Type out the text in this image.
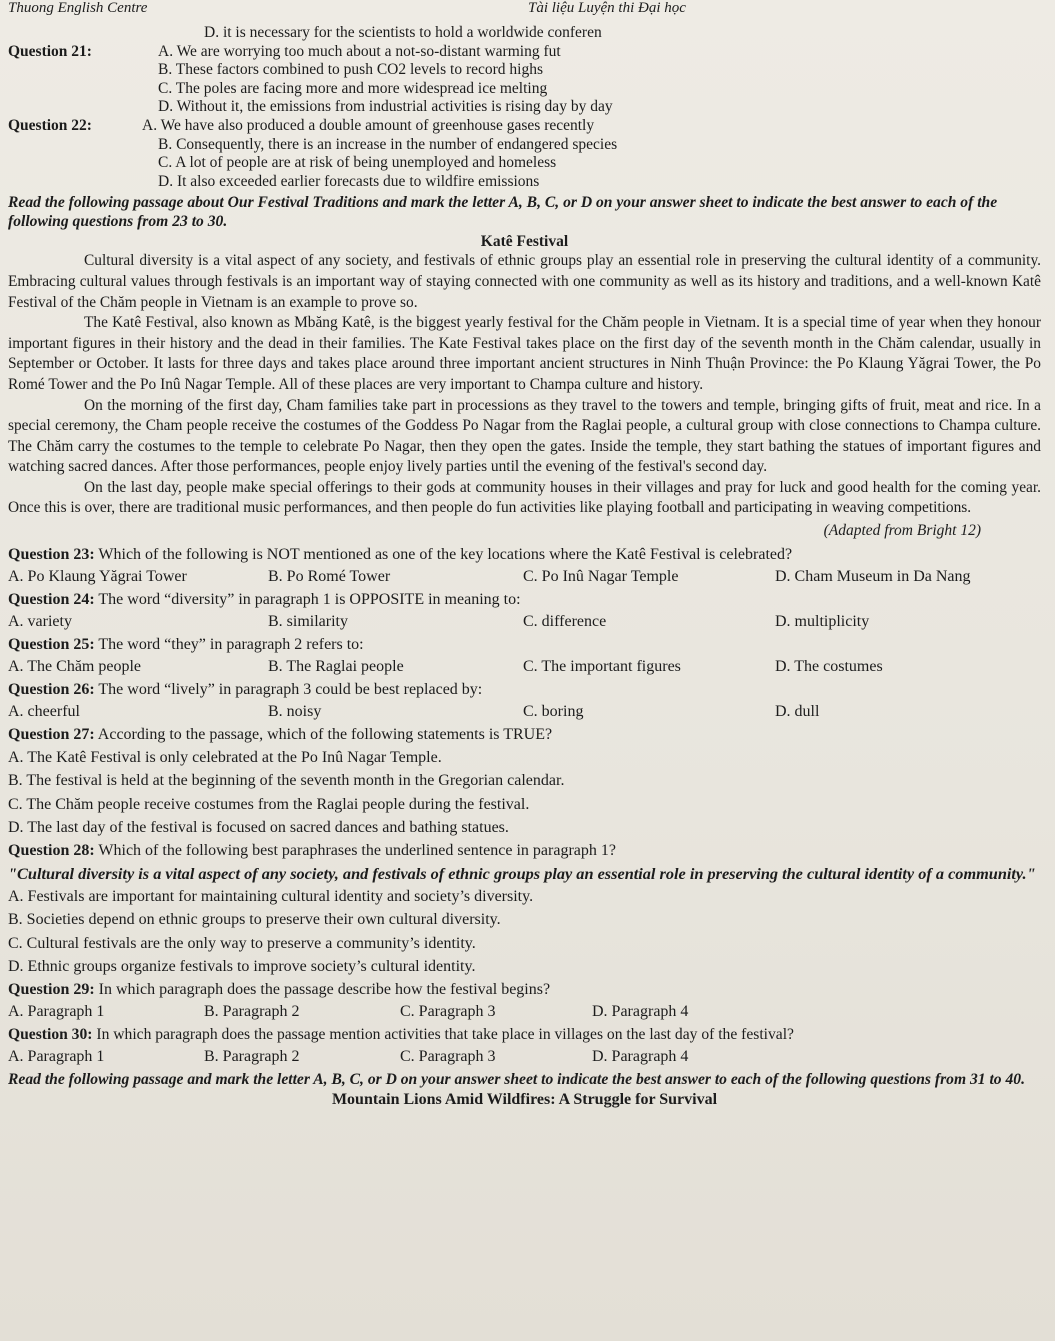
Thuong English Centre	Tài liệu Luyện thi Đại học
D. it is necessary for the scientists to hold a worldwide conferen
Question 21:	A. We are worrying too much about a not-so-distant warming fut
B. These factors combined to push CO2 levels to record highs
C. The poles are facing more and more widespread ice melting
D. Without it, the emissions from industrial activities is rising day by day
Question 22:	A. We have also produced a double amount of greenhouse gases recently
B. Consequently, there is an increase in the number of endangered species
C. A lot of people are at risk of being unemployed and homeless
D. It also exceeded earlier forecasts due to wildfire emissions
Read the following passage about Our Festival Traditions and mark the letter A, B, C, or D on your answer sheet to indicate the best answer to each of the following questions from 23 to 30.
Katê Festival

Cultural diversity is a vital aspect of any society, and festivals of ethnic groups play an essential role in preserving the cultural identity of a community. Embracing cultural values through festivals is an important way of staying connected with one community as well as its history and traditions, and a well-known Katê Festival of the Chăm people in Vietnam is an example to prove so.

The Katê Festival, also known as Mbăng Katê, is the biggest yearly festival for the Chăm people in Vietnam. It is a special time of year when they honour important figures in their history and the dead in their families. The Kate Festival takes place on the first day of the seventh month in the Chăm calendar, usually in September or October. It lasts for three days and takes place around three important ancient structures in Ninh Thuận Province: the Po Klaung Yăgrai Tower, the Po Romé Tower and the Po Inû Nagar Temple. All of these places are very important to Champa culture and history.

On the morning of the first day, Cham families take part in processions as they travel to the towers and temple, bringing gifts of fruit, meat and rice. In a special ceremony, the Cham people receive the costumes of the Goddess Po Nagar from the Raglai people, a cultural group with close connections to Champa culture. The Chăm carry the costumes to the temple to celebrate Po Nagar, then they open the gates. Inside the temple, they start bathing the statues of important figures and watching sacred dances. After those performances, people enjoy lively parties until the evening of the festival's second day.

On the last day, people make special offerings to their gods at community houses in their villages and pray for luck and good health for the coming year. Once this is over, there are traditional music performances, and then people do fun activities like playing football and participating in weaving competitions.

(Adapted from Bright 12)
Question 23: Which of the following is NOT mentioned as one of the key locations where the Katê Festival is celebrated?
A. Po Klaung Yăgrai Tower	B. Po Romé Tower	C. Po Inû Nagar Temple	D. Cham Museum in Da Nang
Question 24: The word “diversity” in paragraph 1 is OPPOSITE in meaning to:
A. variety	B. similarity	C. difference	D. multiplicity
Question 25: The word “they” in paragraph 2 refers to:
A. The Chăm people	B. The Raglai people	C. The important figures	D. The costumes
Question 26: The word “lively” in paragraph 3 could be best replaced by:
A. cheerful	B. noisy	C. boring	D. dull
Question 27: According to the passage, which of the following statements is TRUE?
A. The Katê Festival is only celebrated at the Po Inû Nagar Temple.
B. The festival is held at the beginning of the seventh month in the Gregorian calendar.
C. The Chăm people receive costumes from the Raglai people during the festival.
D. The last day of the festival is focused on sacred dances and bathing statues.
Question 28: Which of the following best paraphrases the underlined sentence in paragraph 1?
"Cultural diversity is a vital aspect of any society, and festivals of ethnic groups play an essential role in preserving the cultural identity of a community."
A. Festivals are important for maintaining cultural identity and society’s diversity.
B. Societies depend on ethnic groups to preserve their own cultural diversity.
C. Cultural festivals are the only way to preserve a community’s identity.
D. Ethnic groups organize festivals to improve society’s cultural identity.
Question 29: In which paragraph does the passage describe how the festival begins?
A. Paragraph 1	B. Paragraph 2	C. Paragraph 3	D. Paragraph 4
Question 30: In which paragraph does the passage mention activities that take place in villages on the last day of the festival?
A. Paragraph 1	B. Paragraph 2	C. Paragraph 3	D. Paragraph 4
Read the following passage and mark the letter A, B, C, or D on your answer sheet to indicate the best answer to each of the following questions from 31 to 40.
Mountain Lions Amid Wildfires: A Struggle for Survival
